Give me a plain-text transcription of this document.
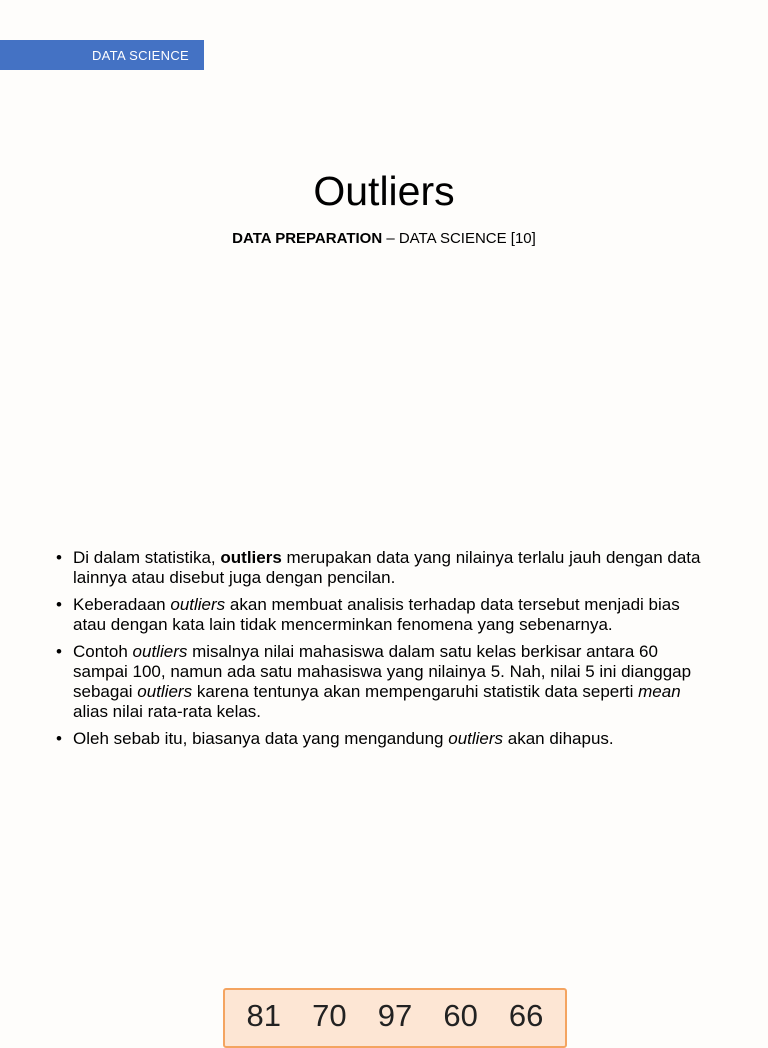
DATA SCIENCE
Outliers
DATA PREPARATION – DATA SCIENCE [10]
• Di dalam statistika, outliers merupakan data yang nilainya terlalu jauh dengan data lainnya atau disebut juga dengan pencilan.
• Keberadaan outliers akan membuat analisis terhadap data tersebut menjadi bias atau dengan kata lain tidak mencerminkan fenomena yang sebenarnya.
• Contoh outliers misalnya nilai mahasiswa dalam satu kelas berkisar antara 60 sampai 100, namun ada satu mahasiswa yang nilainya 5. Nah, nilai 5 ini dianggap sebagai outliers karena tentunya akan mempengaruhi statistik data seperti mean alias nilai rata-rata kelas.
• Oleh sebab itu, biasanya data yang mengandung outliers akan dihapus.
81 70 97 60 66
